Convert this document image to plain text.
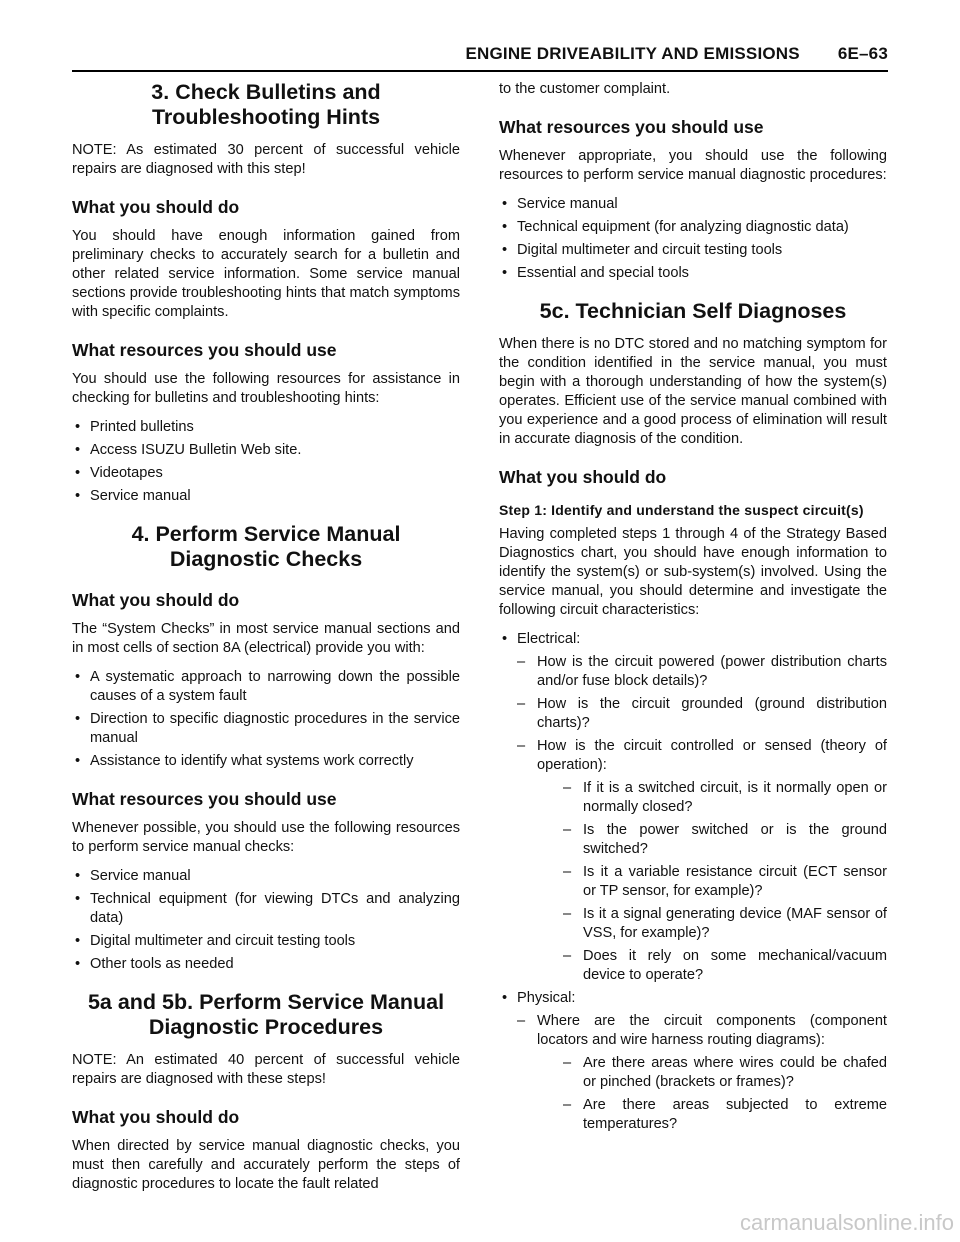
ENGINE DRIVEABILITY AND EMISSIONS 6E–63
3. Check Bulletins and
Troubleshooting Hints

NOTE: As estimated 30 percent of successful vehicle repairs are diagnosed with this step!

What you should do

You should have enough information gained from preliminary checks to accurately search for a bulletin and other related service information. Some service manual sections provide troubleshooting hints that match symptoms with specific complaints.

What resources you should use

You should use the following resources for assistance in checking for bulletins and troubleshooting hints:

• Printed bulletins
• Access ISUZU Bulletin Web site.
• Videotapes
• Service manual
4. Perform Service Manual
Diagnostic Checks
What you should do

The “System Checks” in most service manual sections and in most cells of section 8A (electrical) provide you with:

• A systematic approach to narrowing down the possible causes of a system fault
• Direction to specific diagnostic procedures in the service manual
• Assistance to identify what systems work correctly
What resources you should use

Whenever possible, you should use the following resources to perform service manual checks:

• Service manual
• Technical equipment (for viewing DTCs and analyzing data)
• Digital multimeter and circuit testing tools
• Other tools as needed
5a and 5b. Perform Service Manual
Diagnostic Procedures

NOTE: An estimated 40 percent of successful vehicle repairs are diagnosed with these steps!

What you should do

When directed by service manual diagnostic checks, you must then carefully and accurately perform the steps of diagnostic procedures to locate the fault related

to the customer complaint.

What resources you should use

Whenever appropriate, you should use the following resources to perform service manual diagnostic procedures:

• Service manual
• Technical equipment (for analyzing diagnostic data)
• Digital multimeter and circuit testing tools
• Essential and special tools
5c. Technician Self Diagnoses

When there is no DTC stored and no matching symptom for the condition identified in the service manual, you must begin with a thorough understanding of how the system(s) operates. Efficient use of the service manual combined with you experience and a good process of elimination will result in accurate diagnosis of the condition.

What you should do
Step 1: Identify and understand the suspect circuit(s)

Having completed steps 1 through 4 of the Strategy Based Diagnostics chart, you should have enough information to identify the system(s) or sub-system(s) involved. Using the service manual, you should determine and investigate the following circuit characteristics:

• Electrical:
– How is the circuit powered (power distribution charts and/or fuse block details)?
– How is the circuit grounded (ground distribution charts)?
– How is the circuit controlled or sensed (theory of operation):
– If it is a switched circuit, is it normally open or normally closed?
– Is the power switched or is the ground switched?
– Is it a variable resistance circuit (ECT sensor or TP sensor, for example)?
– Is it a signal generating device (MAF sensor of VSS, for example)?
– Does it rely on some mechanical/vacuum device to operate?
• Physical:
– Where are the circuit components (component locators and wire harness routing diagrams):
– Are there areas where wires could be chafed or pinched (brackets or frames)?
– Are there areas subjected to extreme temperatures?
carmanualsonline.info
